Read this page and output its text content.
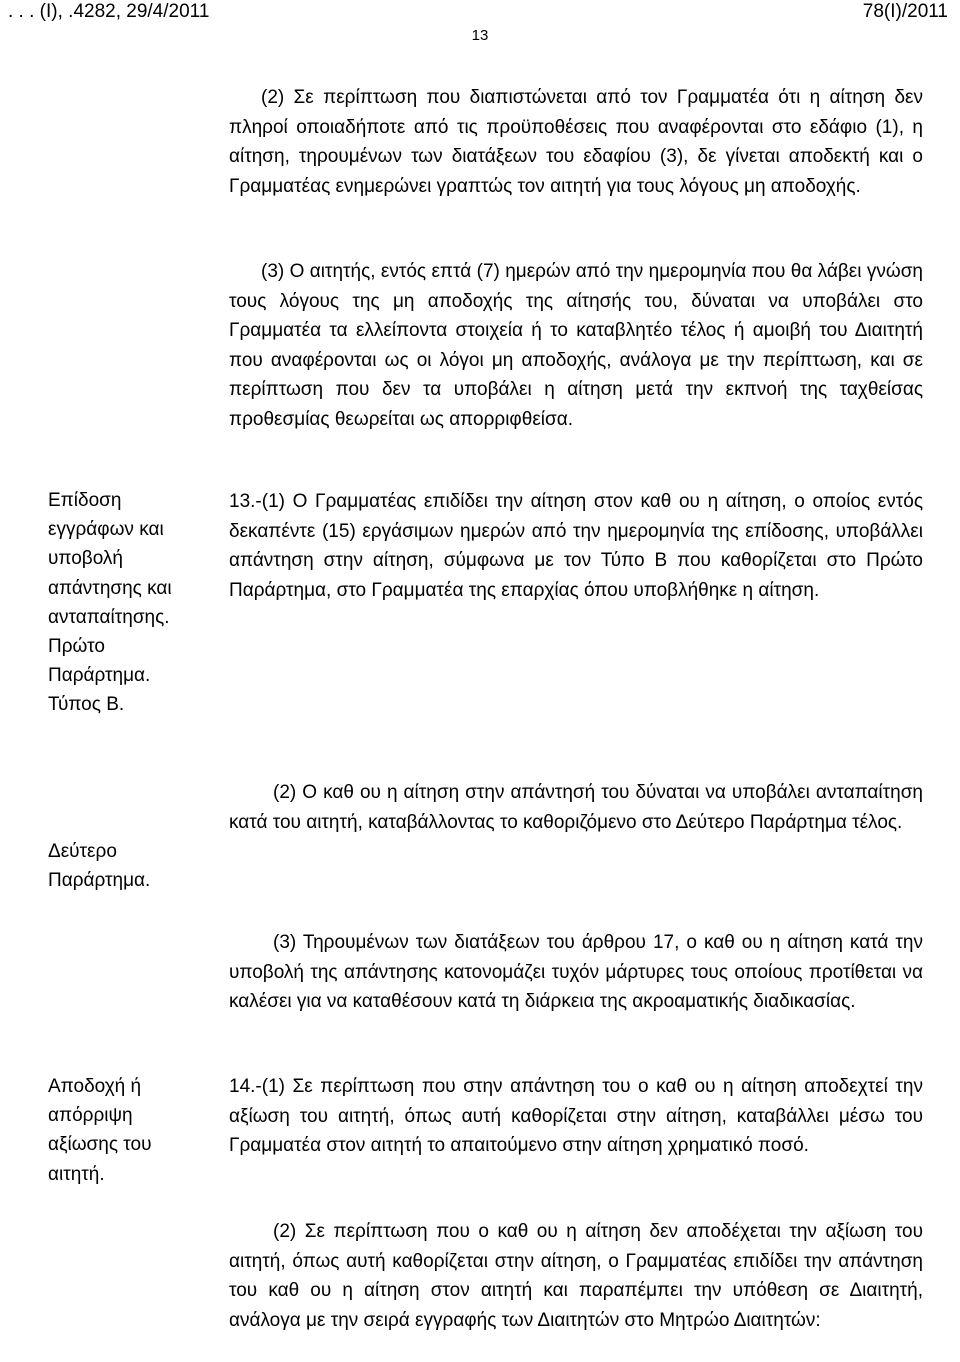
. . . (Ι), .4282, 29/4/2011	78(Ι)/2011
13
(2) Σε περίπτωση που διαπιστώνεται από τον Γραμματέα ότι η αίτηση δεν πληροί οποιαδήποτε από τις προϋποθέσεις που αναφέρονται στο εδάφιο (1), η αίτηση, τηρουμένων των διατάξεων του εδαφίου (3), δε γίνεται αποδεκτή και ο Γραμματέας ενημερώνει γραπτώς τον αιτητή για τους λόγους μη αποδοχής.
(3) Ο αιτητής, εντός επτά (7) ημερών από την ημερομηνία που θα λάβει γνώση τους λόγους της μη αποδοχής της αίτησής του, δύναται να υποβάλει στο Γραμματέα τα ελλείποντα στοιχεία ή το καταβλητέο τέλος ή αμοιβή του Διαιτητή που αναφέρονται ως οι λόγοι μη αποδοχής, ανάλογα με την περίπτωση, και σε περίπτωση που δεν τα υποβάλει η αίτηση μετά την εκπνοή της ταχθείσας προθεσμίας θεωρείται ως απορριφθείσα.
Επίδοση
εγγράφων και
υποβολή
απάντησης και
ανταπαίτησης.
Πρώτο
Παράρτημα.
Τύπος Β.
13.-(1) Ο Γραμματέας επιδίδει την αίτηση στον καθ ου η αίτηση, ο οποίος εντός δεκαπέντε (15) εργάσιμων ημερών από την ημερομηνία της επίδοσης, υποβάλλει απάντηση στην αίτηση, σύμφωνα με τον Τύπο Β που καθορίζεται στο Πρώτο Παράρτημα, στο Γραμματέα της επαρχίας όπου υποβλήθηκε η αίτηση.
Δεύτερο
Παράρτημα.
(2) Ο καθ ου η αίτηση στην απάντησή του δύναται να υποβάλει ανταπαίτηση κατά του αιτητή, καταβάλλοντας το καθοριζόμενο στο Δεύτερο Παράρτημα τέλος.
(3) Τηρουμένων των διατάξεων του άρθρου 17, ο καθ ου η αίτηση κατά την υποβολή της απάντησης κατονομάζει τυχόν μάρτυρες τους οποίους προτίθεται να καλέσει για να καταθέσουν κατά τη διάρκεια της ακροαματικής διαδικασίας.
Αποδοχή ή
απόρριψη
αξίωσης του
αιτητή.
14.-(1) Σε περίπτωση που στην απάντηση του ο καθ ου η αίτηση αποδεχτεί την αξίωση του αιτητή, όπως αυτή καθορίζεται στην αίτηση, καταβάλλει μέσω του Γραμματέα στον αιτητή το απαιτούμενο στην αίτηση χρηματικό ποσό.
(2) Σε περίπτωση που ο καθ ου η αίτηση δεν αποδέχεται την αξίωση του αιτητή, όπως αυτή καθορίζεται στην αίτηση, ο Γραμματέας επιδίδει την απάντηση του καθ ου η αίτηση στον αιτητή και παραπέμπει την υπόθεση σε Διαιτητή, ανάλογα με την σειρά εγγραφής των Διαιτητών στο Μητρώο Διαιτητών:
